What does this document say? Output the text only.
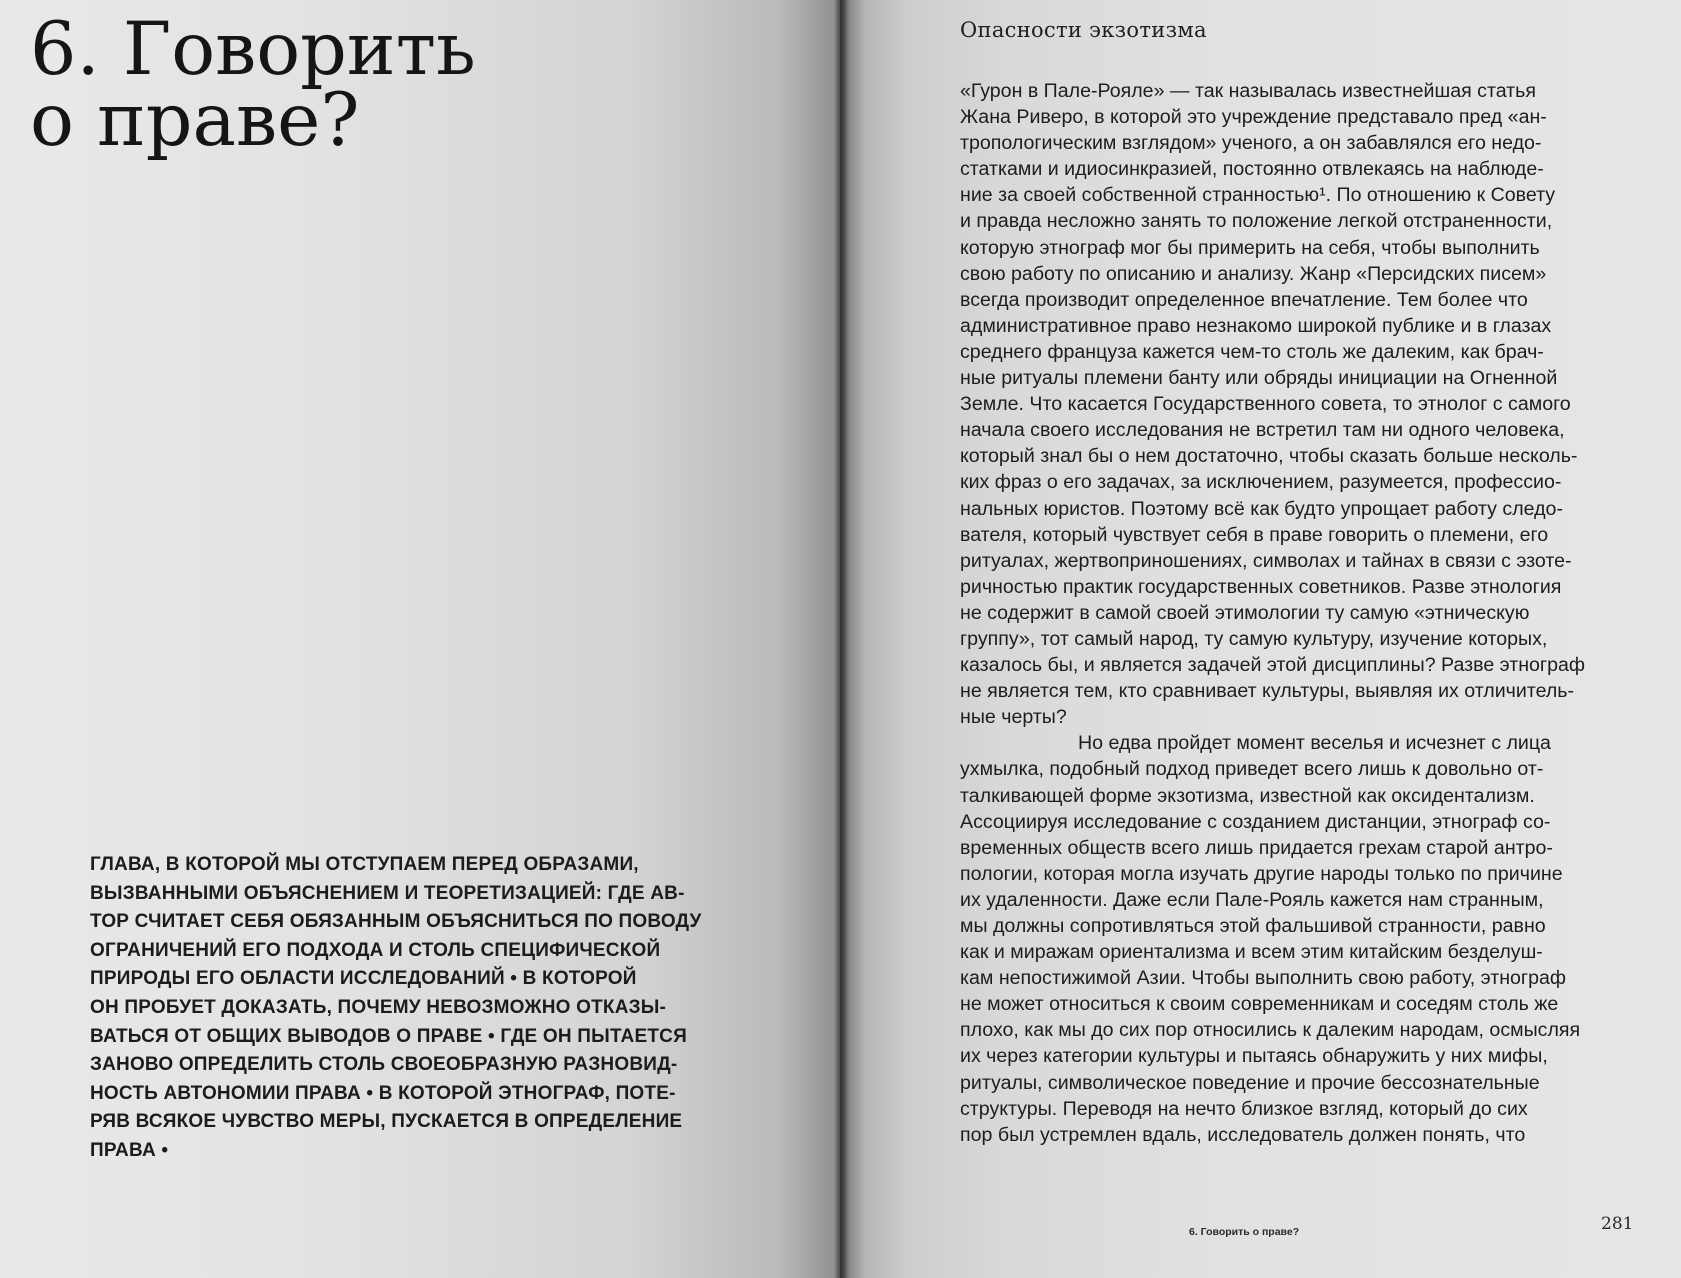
6. Говорить
о праве?
ГЛАВА, В КОТОРОЙ МЫ ОТСТУПАЕМ ПЕРЕД ОБРАЗАМИ,
ВЫЗВАННЫМИ ОБЪЯСНЕНИЕМ И ТЕОРЕТИЗАЦИЕЙ: ГДЕ АВ-
ТОР СЧИТАЕТ СЕБЯ ОБЯЗАННЫМ ОБЪЯСНИТЬСЯ ПО ПОВОДУ
ОГРАНИЧЕНИЙ ЕГО ПОДХОДА И СТОЛЬ СПЕЦИФИЧЕСКОЙ
ПРИРОДЫ ЕГО ОБЛАСТИ ИССЛЕДОВАНИЙ • В КОТОРОЙ
ОН ПРОБУЕТ ДОКАЗАТЬ, ПОЧЕМУ НЕВОЗМОЖНО ОТКАЗЫ-
ВАТЬСЯ ОТ ОБЩИХ ВЫВОДОВ О ПРАВЕ • ГДЕ ОН ПЫТАЕТСЯ
ЗАНОВО ОПРЕДЕЛИТЬ СТОЛЬ СВОЕОБРАЗНУЮ РАЗНОВИД-
НОСТЬ АВТОНОМИИ ПРАВА • В КОТОРОЙ ЭТНОГРАФ, ПОТЕ-
РЯВ ВСЯКОЕ ЧУВСТВО МЕРЫ, ПУСКАЕТСЯ В ОПРЕДЕЛЕНИЕ
ПРАВА •
Опасности экзотизма
«Гурон в Пале-Рояле» — так называлась известнейшая статья
Жана Риверо, в которой это учреждение представало пред «ан-
тропологическим взглядом» ученого, а он забавлялся его недо-
статками и идиосинкразией, постоянно отвлекаясь на наблюде-
ние за своей собственной странностью¹. По отношению к Совету
и правда несложно занять то положение легкой отстраненности,
которую этнограф мог бы примерить на себя, чтобы выполнить
свою работу по описанию и анализу. Жанр «Персидских писем»
всегда производит определенное впечатление. Тем более что
административное право незнакомо широкой публике и в глазах
среднего француза кажется чем-то столь же далеким, как брач-
ные ритуалы племени банту или обряды инициации на Огненной
Земле. Что касается Государственного совета, то этнолог с самого
начала своего исследования не встретил там ни одного человека,
который знал бы о нем достаточно, чтобы сказать больше несколь-
ких фраз о его задачах, за исключением, разумеется, профессио-
нальных юристов. Поэтому всё как будто упрощает работу следо-
вателя, который чувствует себя в праве говорить о племени, его
ритуалах, жертвоприношениях, символах и тайнах в связи с эзоте-
ричностью практик государственных советников. Разве этнология
не содержит в самой своей этимологии ту самую «этническую
группу», тот самый народ, ту самую культуру, изучение которых,
казалось бы, и является задачей этой дисциплины? Разве этнограф
не является тем, кто сравнивает культуры, выявляя их отличитель-
ные черты?
Но едва пройдет момент веселья и исчезнет с лица
ухмылка, подобный подход приведет всего лишь к довольно от-
талкивающей форме экзотизма, известной как оксидентализм.
Ассоциируя исследование с созданием дистанции, этнограф со-
временных обществ всего лишь придается грехам старой антро-
пологии, которая могла изучать другие народы только по причине
их удаленности. Даже если Пале-Рояль кажется нам странным,
мы должны сопротивляться этой фальшивой странности, равно
как и миражам ориентализма и всем этим китайским безделуш-
кам непостижимой Азии. Чтобы выполнить свою работу, этнограф
не может относиться к своим современникам и соседям столь же
плохо, как мы до сих пор относились к далеким народам, осмысляя
их через категории культуры и пытаясь обнаружить у них мифы,
ритуалы, символическое поведение и прочие бессознательные
структуры. Переводя на нечто близкое взгляд, который до сих
пор был устремлен вдаль, исследователь должен понять, что
6. Говорить о праве?	281
